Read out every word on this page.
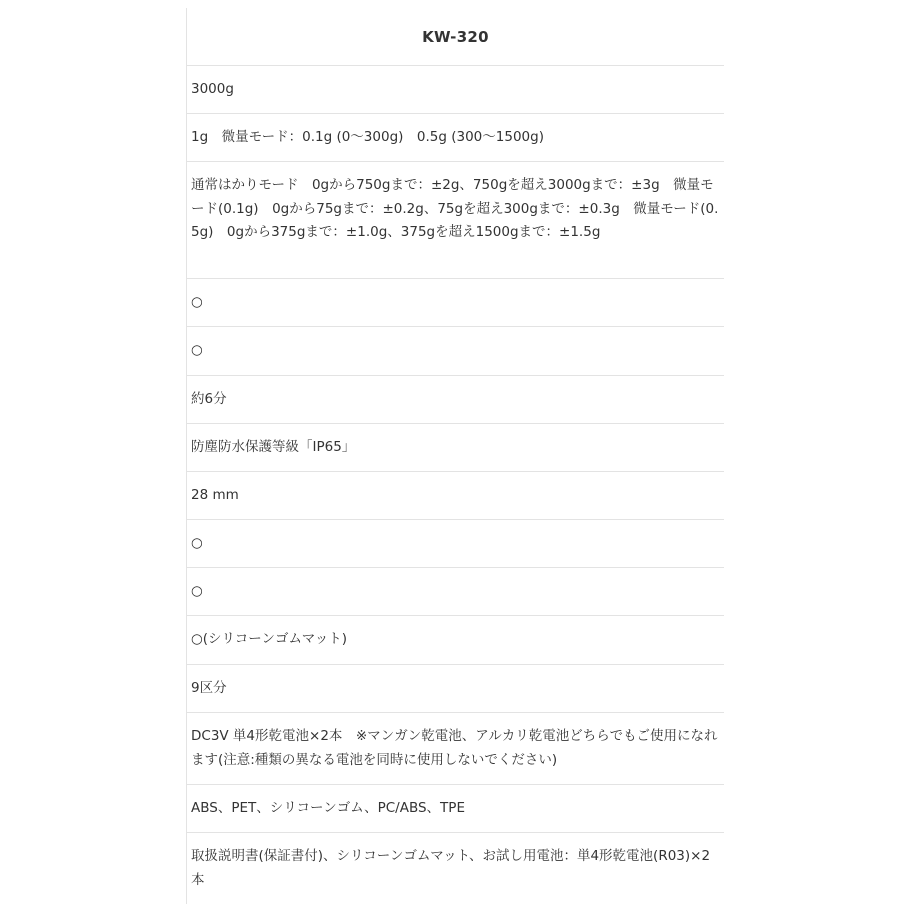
KW-320
3000g
1g　微量モード：0.1g (0〜300g)　0.5g (300〜1500g)
通常はかりモード　0gから750gまで：±2g、750gを超え3000gまで：±3g　微量モード(0.1g)　0gから75gまで：±0.2g、75gを超え300gまで：±0.3g　微量モード(0.5g)　0gから375gまで：±1.0g、375gを超え1500gまで：±1.5g
○
○
約6分
防塵防水保護等級「IP65」
28 mm
○
○
○(シリコーンゴムマット)
9区分
DC3V 単4形乾電池×2本　※マンガン乾電池、アルカリ乾電池どちらでもご使用になれます(注意:種類の異なる電池を同時に使用しないでください)
ABS、PET、シリコーンゴム、PC/ABS、TPE
取扱説明書(保証書付)、シリコーンゴムマット、お試し用電池：単4形乾電池(R03)×2本
